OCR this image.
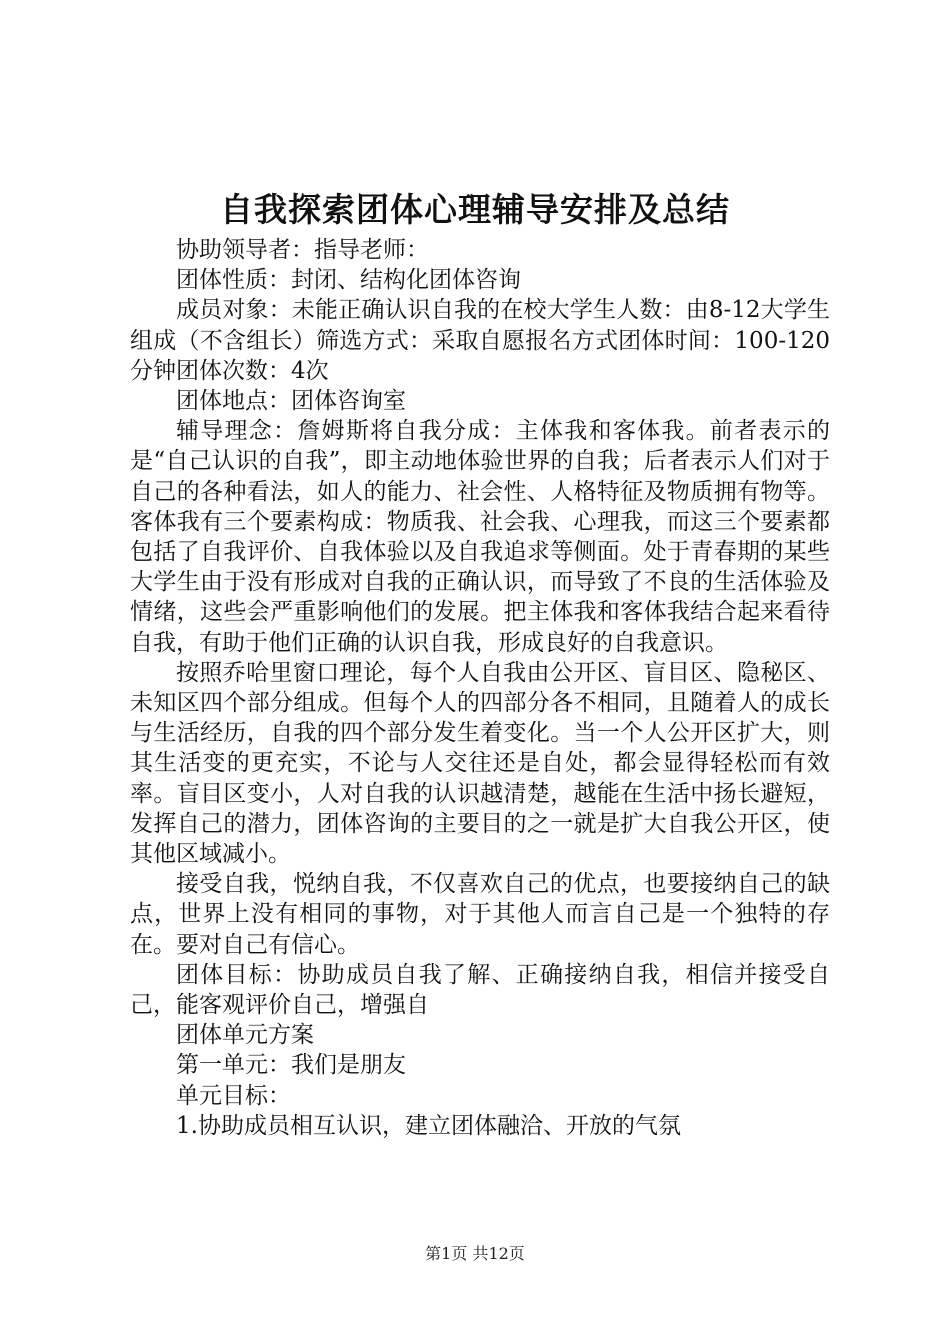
自我探索团体心理辅导安排及总结

协助领导者：指导老师：

团体性质：封闭、结构化团体咨询

成员对象：未能正确认识自我的在校大学生人数：由8-12大学生组成（不含组长）筛选方式：采取自愿报名方式团体时间：100-120分钟团体次数：4次

团体地点：团体咨询室

辅导理念：詹姆斯将自我分成：主体我和客体我。前者表示的是“自己认识的自我”，即主动地体验世界的自我；后者表示人们对于自己的各种看法，如人的能力、社会性、人格特征及物质拥有物等。客体我有三个要素构成：物质我、社会我、心理我，而这三个要素都包括了自我评价、自我体验以及自我追求等侧面。处于青春期的某些大学生由于没有形成对自我的正确认识，而导致了不良的生活体验及情绪，这些会严重影响他们的发展。把主体我和客体我结合起来看待自我，有助于他们正确的认识自我，形成良好的自我意识。

按照乔哈里窗口理论，每个人自我由公开区、盲目区、隐秘区、未知区四个部分组成。但每个人的四部分各不相同，且随着人的成长与生活经历，自我的四个部分发生着变化。当一个人公开区扩大，则其生活变的更充实，不论与人交往还是自处，都会显得轻松而有效率。盲目区变小，人对自我的认识越清楚，越能在生活中扬长避短，发挥自己的潜力，团体咨询的主要目的之一就是扩大自我公开区，使其他区域减小。

接受自我，悦纳自我，不仅喜欢自己的优点，也要接纳自己的缺点，世界上没有相同的事物，对于其他人而言自己是一个独特的存在。要对自己有信心。

团体目标：协助成员自我了解、正确接纳自我，相信并接受自己，能客观评价自己，增强自

团体单元方案

第一单元：我们是朋友

单元目标：

1.协助成员相互认识，建立团体融洽、开放的气氛

第1页 共12页
